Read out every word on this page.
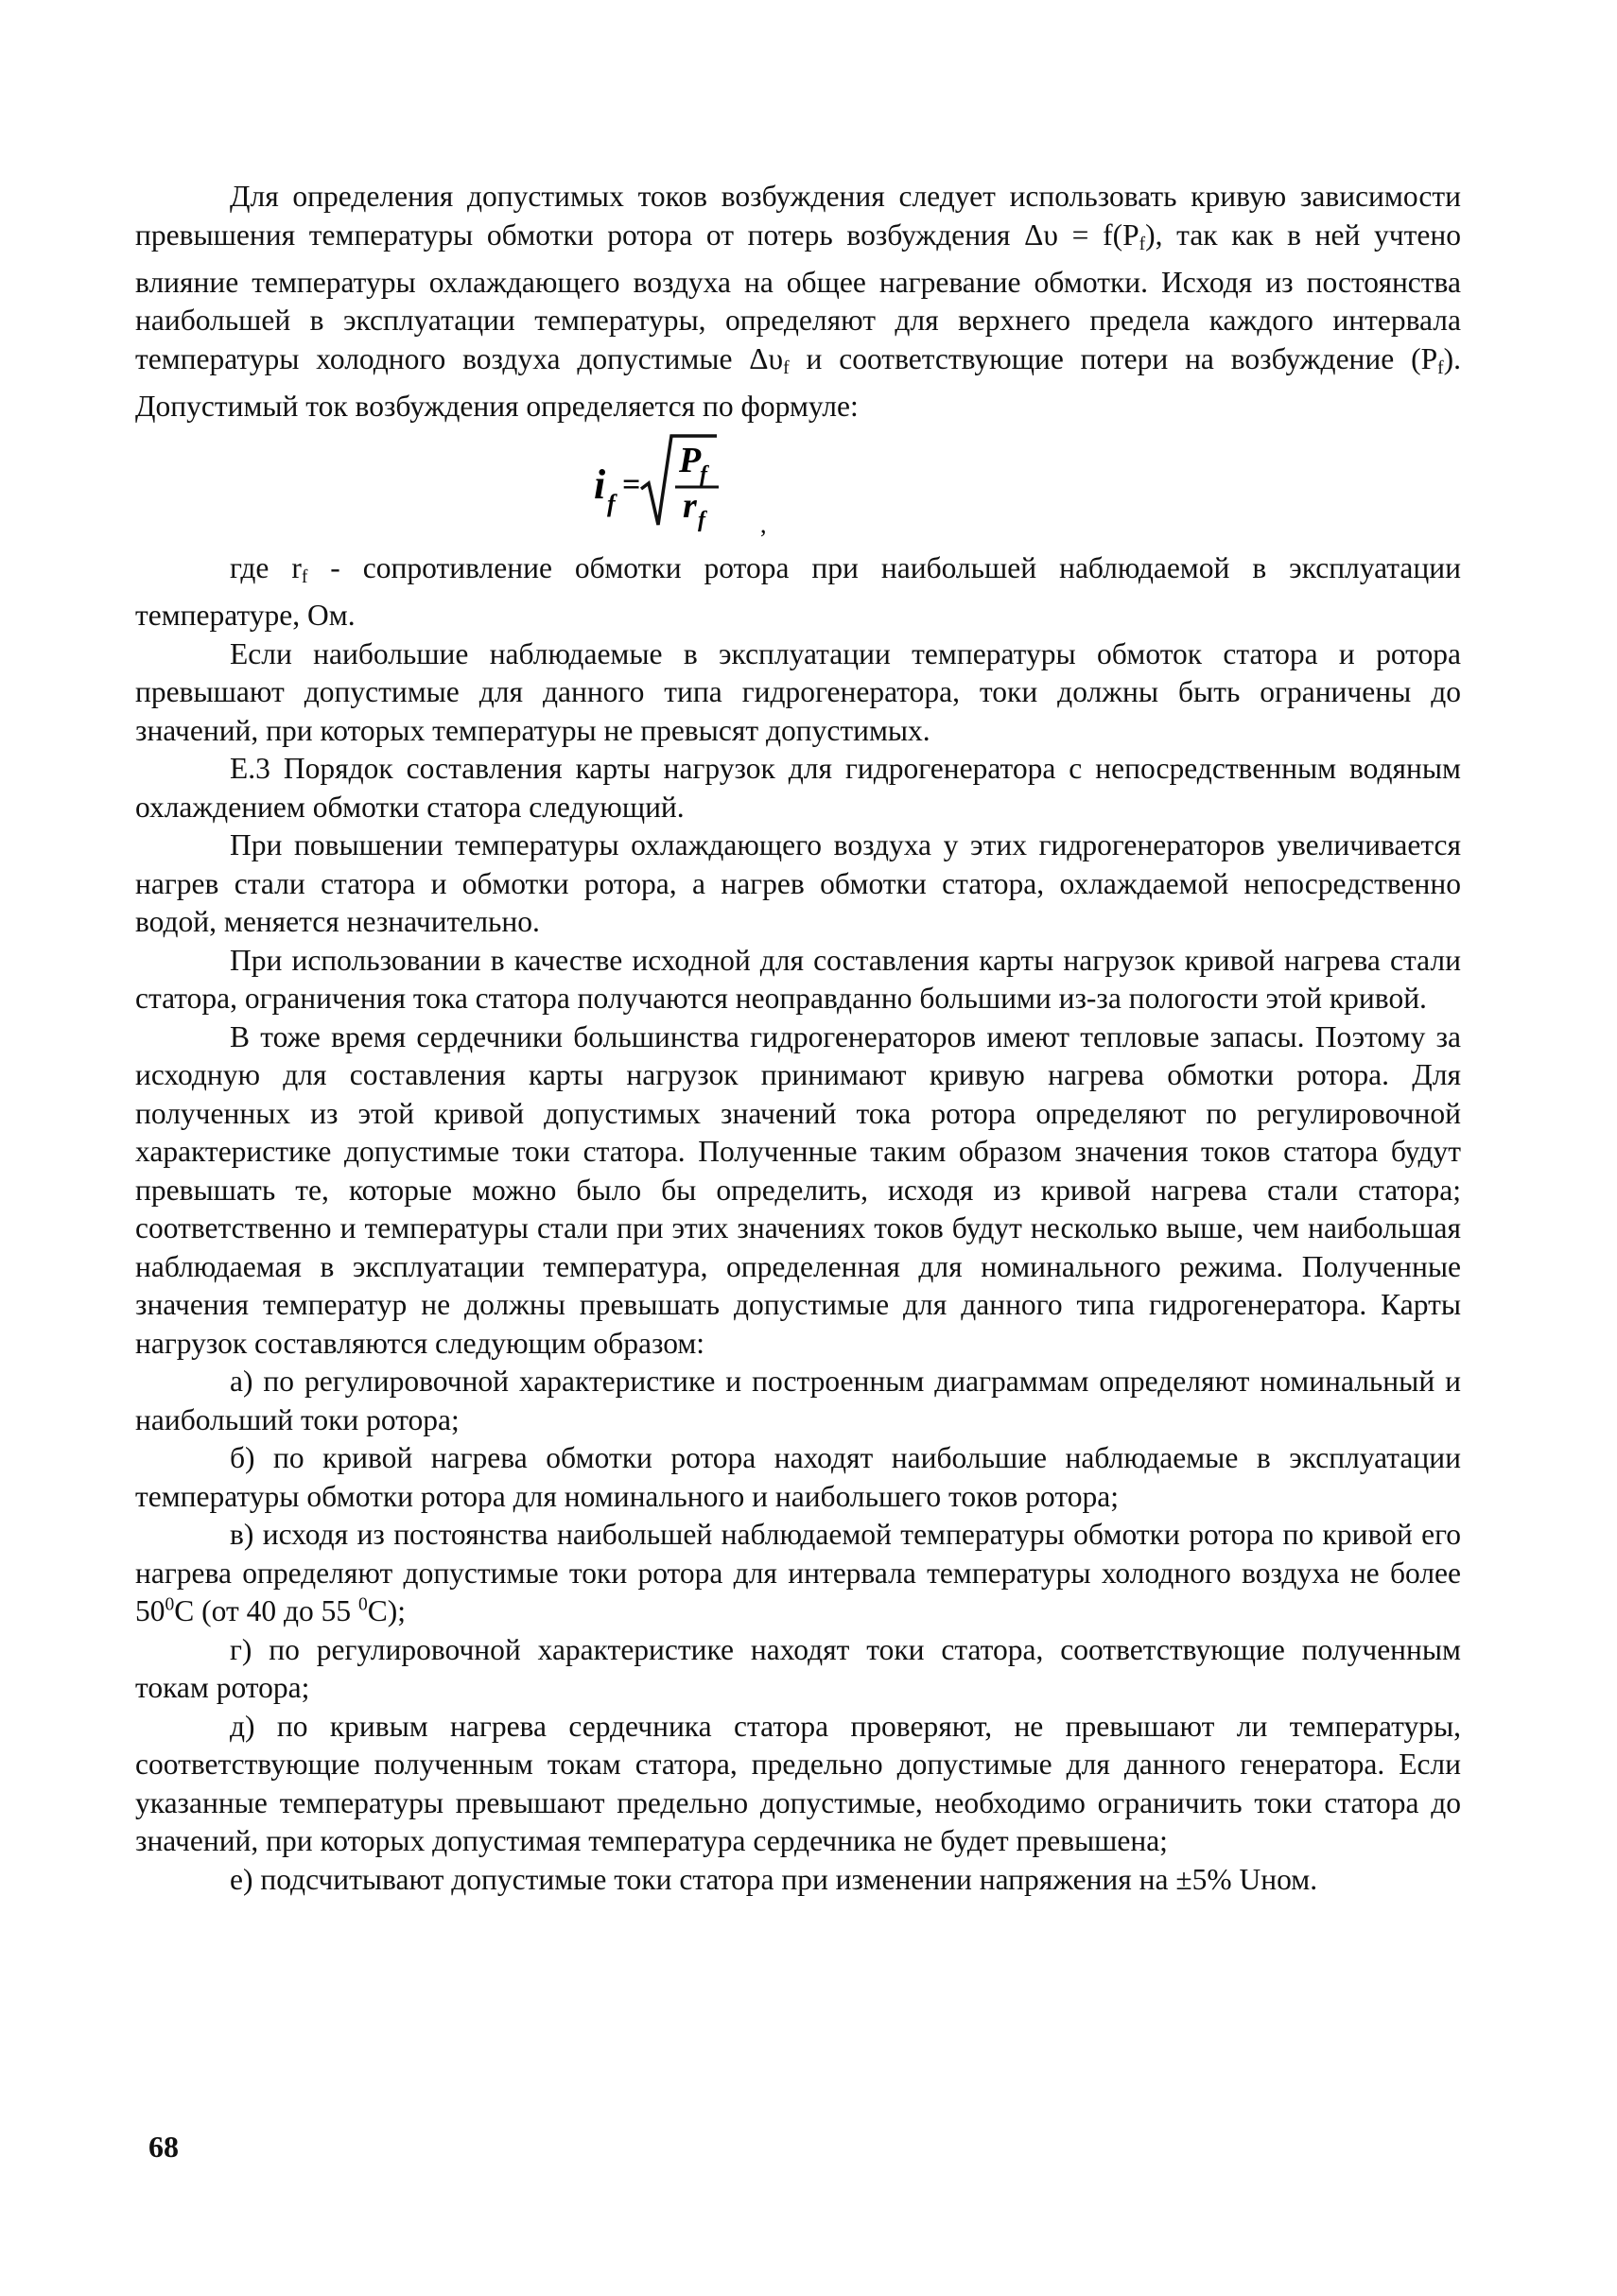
Для определения допустимых токов возбуждения следует использовать кривую зависимости превышения температуры обмотки ротора от потерь возбуждения $\Delta\upsilon = f(P_f)$, так как в ней учтено влияние температуры охлаждающего воздуха на общее нагревание обмотки. Исходя из постоянства наибольшей в эксплуатации температуры, определяют для верхнего предела каждого интервала температуры холодного воздуха допустимые $\Delta\upsilon_f$ и соответствующие потери на возбуждение $(P_f)$. Допустимый ток возбуждения определяется по формуле:

i f
=
P
f
r f ,

где $r_f$ - сопротивление обмотки ротора при наибольшей наблюдаемой в эксплуатации температуре, Ом.

Если наибольшие наблюдаемые в эксплуатации температуры обмоток статора и ротора превышают допустимые для данного типа гидрогенератора, токи должны быть ограничены до значений, при которых температуры не превысят допустимых.

Е.3 Порядок составления карты нагрузок для гидрогенератора с непосредственным водяным охлаждением обмотки статора следующий.

При повышении температуры охлаждающего воздуха у этих гидрогенераторов увеличивается нагрев стали статора и обмотки ротора, а нагрев обмотки статора, охлаждаемой непосредственно водой, меняется незначительно.

При использовании в качестве исходной для составления карты нагрузок кривой нагрева стали статора, ограничения тока статора получаются неоправданно большими из-за пологости этой кривой.

В тоже время сердечники большинства гидрогенераторов имеют тепловые запасы. Поэтому за исходную для составления карты нагрузок принимают кривую нагрева обмотки ротора. Для полученных из этой кривой допустимых значений тока ротора определяют по регулировочной характеристике допустимые токи статора. Полученные таким образом значения токов статора будут превышать те, которые можно было бы определить, исходя из кривой нагрева стали статора; соответственно и температуры стали при этих значениях токов будут несколько выше, чем наибольшая наблюдаемая в эксплуатации температура, определенная для номинального режима. Полученные значения температур не должны превышать допустимые для данного типа гидрогенератора. Карты нагрузок составляются следующим образом:

а) по регулировочной характеристике и построенным диаграммам определяют номинальный и наибольший токи ротора;

б) по кривой нагрева обмотки ротора находят наибольшие наблюдаемые в эксплуатации температуры обмотки ротора для номинального и наибольшего токов ротора;

в) исходя из постоянства наибольшей наблюдаемой температуры обмотки ротора по кривой его нагрева определяют допустимые токи ротора для интервала температуры холодного воздуха не более $50^0С$ (от 40 до 55 $^0$С);

г) по регулировочной характеристике находят токи статора, соответствующие полученным токам ротора;

д) по кривым нагрева сердечника статора проверяют, не превышают ли температуры, соответствующие полученным токам статора, предельно допустимые для данного генератора. Если указанные температуры превышают предельно допустимые, необходимо ограничить токи статора до значений, при которых допустимая температура сердечника не будет превышена;

е) подсчитывают допустимые токи статора при изменении напряжения на ±5% Uном.

68
